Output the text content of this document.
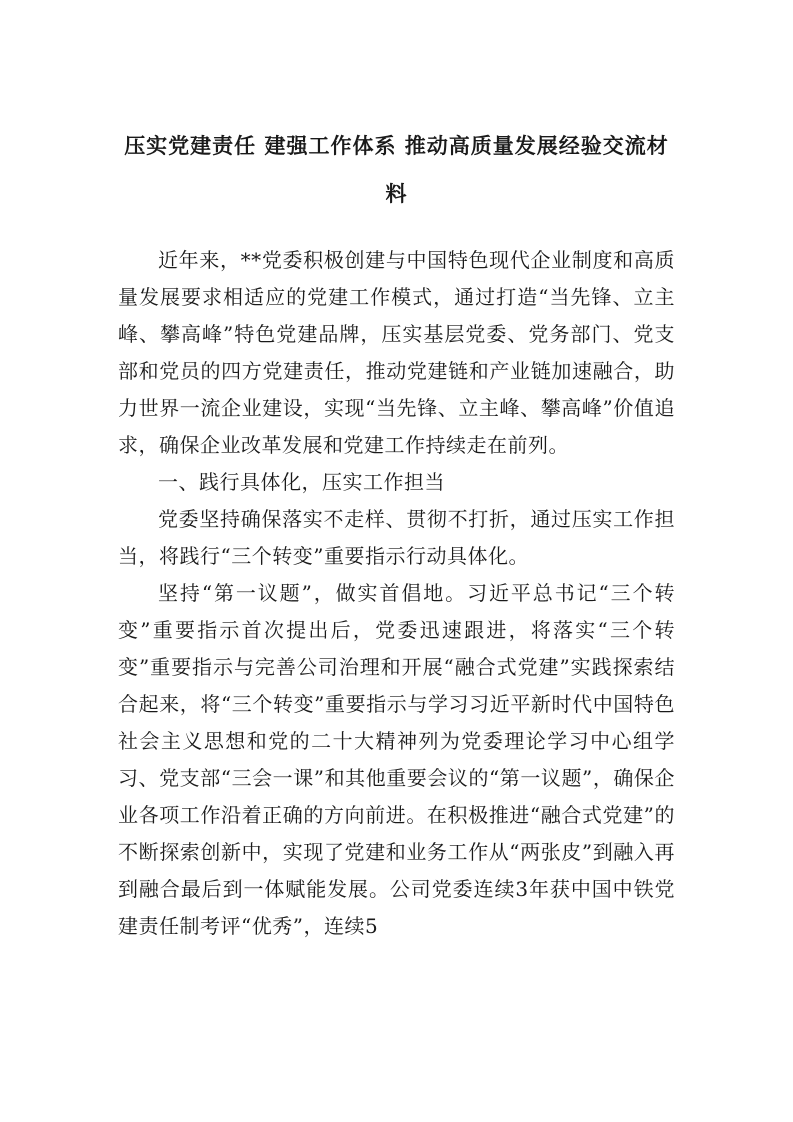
压实党建责任 建强工作体系 推动高质量发展经验交流材料

近年来，**党委积极创建与中国特色现代企业制度和高质量发展要求相适应的党建工作模式，通过打造“当先锋、立主峰、攀高峰”特色党建品牌，压实基层党委、党务部门、党支部和党员的四方党建责任，推动党建链和产业链加速融合，助力世界一流企业建设，实现“当先锋、立主峰、攀高峰”价值追求，确保企业改革发展和党建工作持续走在前列。

一、践行具体化，压实工作担当

党委坚持确保落实不走样、贯彻不打折，通过压实工作担当，将践行“三个转变”重要指示行动具体化。

坚持“第一议题”，做实首倡地。习近平总书记“三个转变”重要指示首次提出后，党委迅速跟进，将落实“三个转变”重要指示与完善公司治理和开展“融合式党建”实践探索结合起来，将“三个转变”重要指示与学习习近平新时代中国特色社会主义思想和党的二十大精神列为党委理论学习中心组学习、党支部“三会一课”和其他重要会议的“第一议题”，确保企业各项工作沿着正确的方向前进。在积极推进“融合式党建”的不断探索创新中，实现了党建和业务工作从“两张皮”到融入再到融合最后到一体赋能发展。公司党委连续3年获中国中铁党建责任制考评“优秀”，连续5
